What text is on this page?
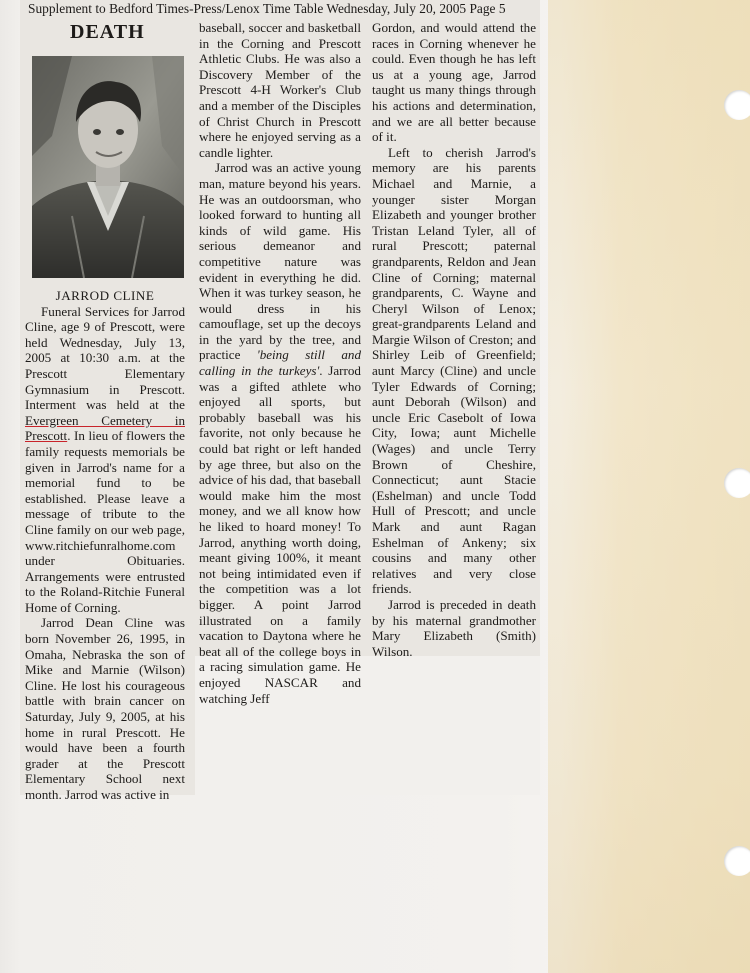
Supplement to Bedford Times-Press/Lenox Time Table Wednesday, July 20, 2005 Page 5
DEATH

JARROD CLINE

Funeral Services for Jarrod Cline, age 9 of Prescott, were held Wednesday, July 13, 2005 at 10:30 a.m. at the Prescott Elementary Gymnasium in Prescott. Interment was held at the Evergreen Cemetery in Prescott. In lieu of flowers the family requests memorials be given in Jarrod's name for a memorial fund to be established. Please leave a message of tribute to the Cline family on our web page, www.ritchiefunralhome.com under Obituaries. Arrangements were entrusted to the Roland-Ritchie Funeral Home of Corning.

Jarrod Dean Cline was born November 26, 1995, in Omaha, Nebraska the son of Mike and Marnie (Wilson) Cline. He lost his courageous battle with brain cancer on Saturday, July 9, 2005, at his home in rural Prescott. He would have been a fourth grader at the Prescott Elementary School next month. Jarrod was active in

baseball, soccer and basketball in the Corning and Prescott Athletic Clubs. He was also a Discovery Member of the Prescott 4-H Worker's Club and a member of the Disciples of Christ Church in Prescott where he enjoyed serving as a candle lighter.

Jarrod was an active young man, mature beyond his years. He was an outdoorsman, who looked forward to hunting all kinds of wild game. His serious demeanor and competitive nature was evident in everything he did. When it was turkey season, he would dress in his camouflage, set up the decoys in the yard by the tree, and practice 'being still and calling in the turkeys'. Jarrod was a gifted athlete who enjoyed all sports, but probably baseball was his favorite, not only because he could bat right or left handed by age three, but also on the advice of his dad, that baseball would make him the most money, and we all know how he liked to hoard money! To Jarrod, anything worth doing, meant giving 100%, it meant not being intimidated even if the competition was a lot bigger. A point Jarrod illustrated on a family vacation to Daytona where he beat all of the college boys in a racing simulation game. He enjoyed NASCAR and watching Jeff

Gordon, and would attend the races in Corning whenever he could. Even though he has left us at a young age, Jarrod taught us many things through his actions and determination, and we are all better because of it.

Left to cherish Jarrod's memory are his parents Michael and Marnie, a younger sister Morgan Elizabeth and younger brother Tristan Leland Tyler, all of rural Prescott; paternal grandparents, Reldon and Jean Cline of Corning; maternal grandparents, C. Wayne and Cheryl Wilson of Lenox; great-grandparents Leland and Margie Wilson of Creston; and Shirley Leib of Greenfield; aunt Marcy (Cline) and uncle Tyler Edwards of Corning; aunt Deborah (Wilson) and uncle Eric Casebolt of Iowa City, Iowa; aunt Michelle (Wages) and uncle Terry Brown of Cheshire, Connecticut; aunt Stacie (Eshelman) and uncle Todd Hull of Prescott; and uncle Mark and aunt Ragan Eshelman of Ankeny; six cousins and many other relatives and very close friends.

Jarrod is preceded in death by his maternal grandmother Mary Elizabeth (Smith) Wilson.
